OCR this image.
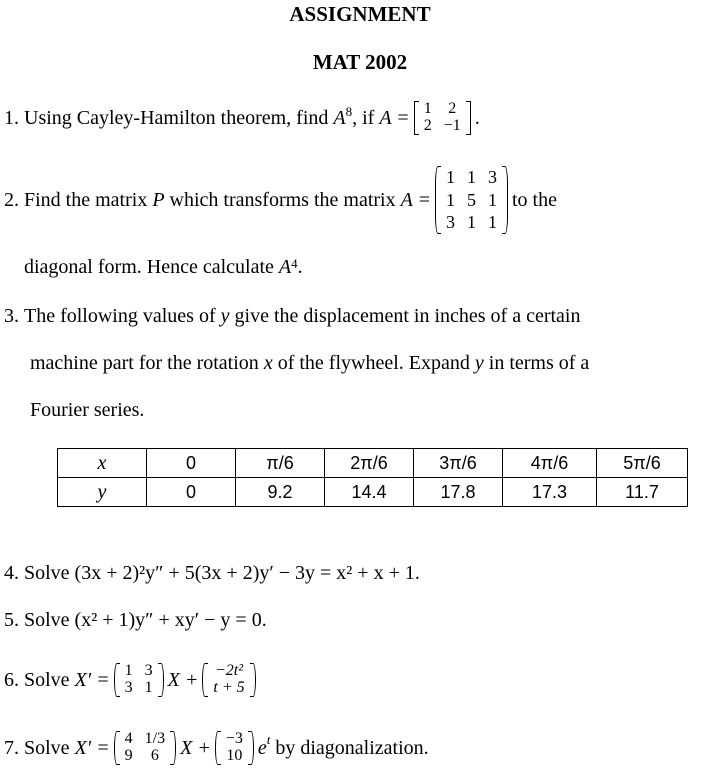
ASSIGNMENT
MAT 2002
1.
Using Cayley-Hamilton theorem, find
$A^8$ , if
A = 1 2
2 −1 .
2.
Find the matrix
P
which transforms the matrix
A =
1 1 3
1 5 1
3 1 1
to the
diagonal form. Hence calculate
A 4 .
3.
The following values of
y
give the displacement in inches of a certain
machine part for the rotation
x
of the flywheel. Expand
y
in terms of a
Fourier series.
x	0	π/6	2π/6	3π/6	4π/6	5π/6
y	0	9.2	14.4	17.8	17.3	11.7
4.
Solve (3x + 2)²y″ + 5(3x + 2)y′ − 3y = x² + x + 1.
5.
Solve (x² + 1)y″ + xy′ − y = 0.
6.
Solve
X′ = 1 3
3 1 X + −2t²
t + 5
7.
Solve
X′ = 4 1/3
9	6	X + −3
10 e $^t$
by diagonalization.
